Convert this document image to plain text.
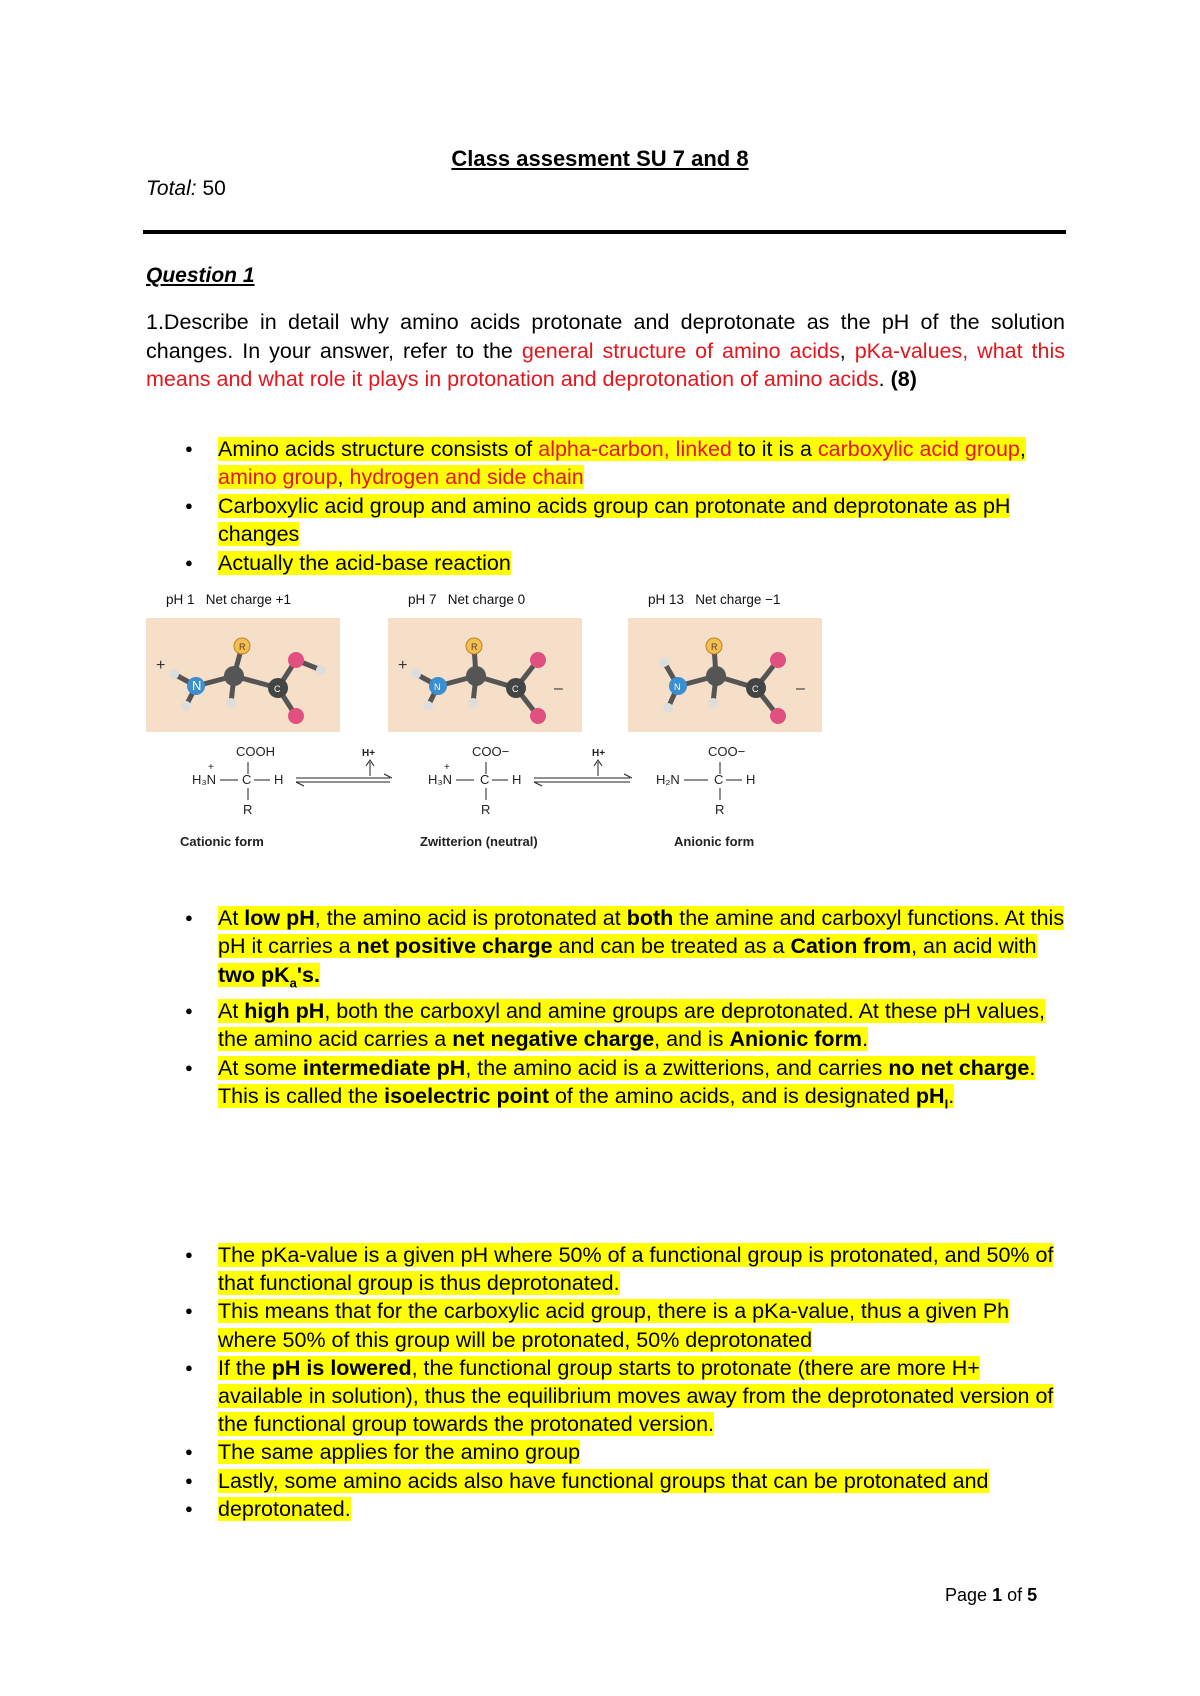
Class assesment SU 7 and 8
Total: 50
Question 1
1.Describe in detail why amino acids protonate and deprotonate as the pH of the solution changes. In your answer, refer to the general structure of amino acids, pKa-values, what this means and what role it plays in protonation and deprotonation of amino acids. (8)
●	Amino acids structure consists of alpha-carbon, linked to it is a carboxylic acid group, amino group, hydrogen and side chain
●	Carboxylic acid group and amino acids group can protonate and deprotonate as pH changes
●	Actually the acid-base reaction
pH 1 Net charge +1	pH 7 Net charge 0	pH 13 Net charge −1
N	C
R
+
N	C
R
+
–	N	C
R
–
COOH
H₃N
+
C H
R
Cationic form
H+	COO−
H₃N
+
C H
R
Zwitterion (neutral)
H+	COO−
H₂N	C H
R
Anionic form
●	At low pH, the amino acid is protonated at both the amine and carboxyl functions. At this pH it carries a net positive charge and can be treated as a Cation from, an acid with two $pK_a's$.
●	At high pH, both the carboxyl and amine groups are deprotonated. At these pH values, the amino acid carries a net negative charge, and is Anionic form.
●	At some intermediate pH, the amino acid is a zwitterions, and carries no net charge. This is called the isoelectric point of the amino acids, and is designated $pH_I$.
●	The pKa-value is a given pH where 50% of a functional group is protonated, and 50% of that functional group is thus deprotonated.
●	This means that for the carboxylic acid group, there is a pKa-value, thus a given Ph where 50% of this group will be protonated, 50% deprotonated
●	If the pH is lowered, the functional group starts to protonate (there are more H+ available in solution), thus the equilibrium moves away from the deprotonated version of the functional group towards the protonated version.
●	The same applies for the amino group
●	Lastly, some amino acids also have functional groups that can be protonated and
●	deprotonated.
Page 1 of 5
